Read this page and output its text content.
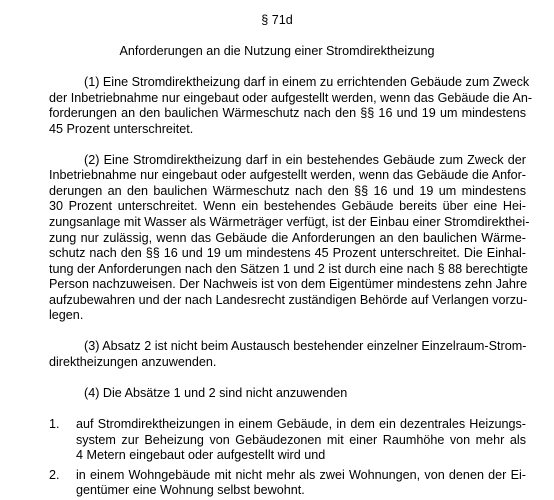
§ 71d
Anforderungen an die Nutzung einer Stromdirektheizung
(1) Eine Stromdirektheizung darf in einem zu errichtenden Gebäude zum Zweck
der Inbetriebnahme nur eingebaut oder aufgestellt werden, wenn das Gebäude die An-
forderungen an den baulichen Wärmeschutz nach den §§ 16 und 19 um mindestens
45 Prozent unterschreitet.
(2) Eine Stromdirektheizung darf in ein bestehendes Gebäude zum Zweck der
Inbetriebnahme nur eingebaut oder aufgestellt werden, wenn das Gebäude die Anfor-
derungen an den baulichen Wärmeschutz nach den §§ 16 und 19 um mindestens
30 Prozent unterschreitet. Wenn ein bestehendes Gebäude bereits über eine Hei-
zungsanlage mit Wasser als Wärmeträger verfügt, ist der Einbau einer Stromdirekthei-
zung nur zulässig, wenn das Gebäude die Anforderungen an den baulichen Wärme-
schutz nach den §§ 16 und 19 um mindestens 45 Prozent unterschreitet. Die Einhal-
tung der Anforderungen nach den Sätzen 1 und 2 ist durch eine nach § 88 berechtigte
Person nachzuweisen. Der Nachweis ist von dem Eigentümer mindestens zehn Jahre
aufzubewahren und der nach Landesrecht zuständigen Behörde auf Verlangen vorzu-
legen.
(3) Absatz 2 ist nicht beim Austausch bestehender einzelner Einzelraum-Strom-
direktheizungen anzuwenden.
(4) Die Absätze 1 und 2 sind nicht anzuwenden
1. auf Stromdirektheizungen in einem Gebäude, in dem ein dezentrales Heizungs-
system zur Beheizung von Gebäudezonen mit einer Raumhöhe von mehr als
4 Metern eingebaut oder aufgestellt wird und
2. in einem Wohngebäude mit nicht mehr als zwei Wohnungen, von denen der Ei-
gentümer eine Wohnung selbst bewohnt.
